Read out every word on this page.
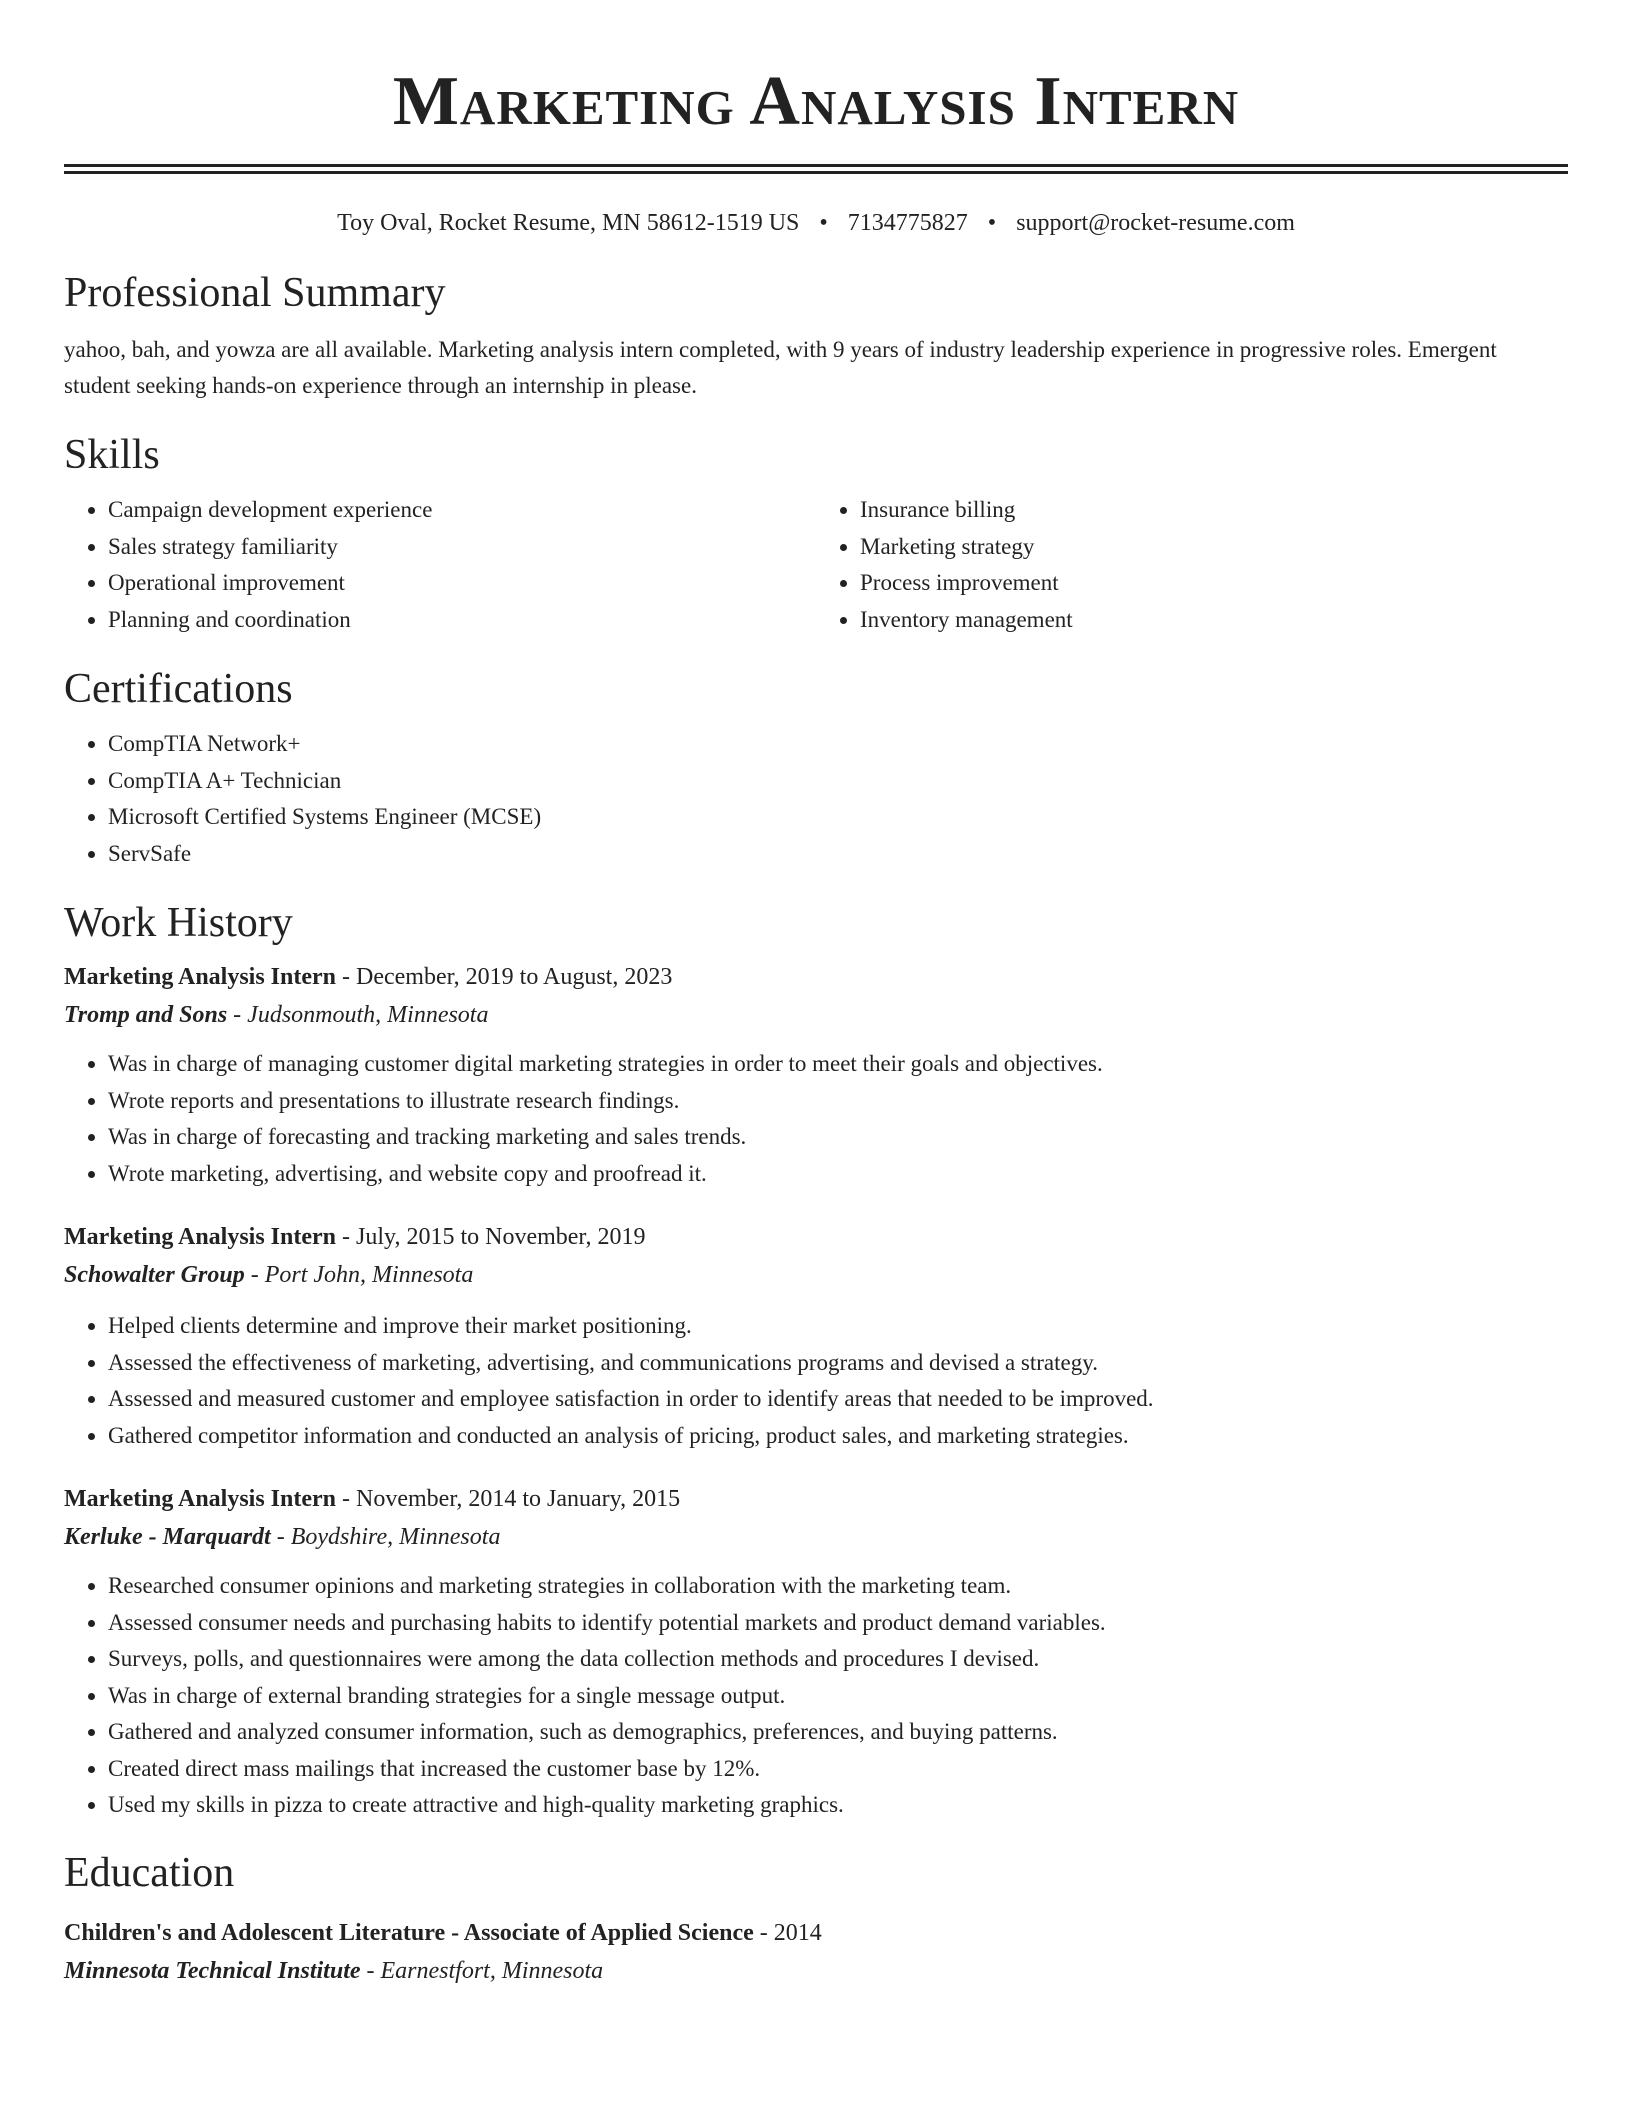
Marketing Analysis Intern
Toy Oval, Rocket Resume, MN 58612-1519 US • 7134775827 • support@rocket-resume.com
Professional Summary

yahoo, bah, and yowza are all available. Marketing analysis intern completed, with 9 years of industry leadership experience in progressive roles. Emergent student seeking hands-on experience through an internship in please.

Skills
• Campaign development experience
• Sales strategy familiarity
• Operational improvement
• Planning and coordination
• Insurance billing
• Marketing strategy
• Process improvement
• Inventory management
Certifications
• CompTIA Network+
• CompTIA A+ Technician
• Microsoft Certified Systems Engineer (MCSE)
• ServSafe
Work History
Marketing Analysis Intern - December, 2019 to August, 2023
Tromp and Sons - Judsonmouth, Minnesota
• Was in charge of managing customer digital marketing strategies in order to meet their goals and objectives.
• Wrote reports and presentations to illustrate research findings.
• Was in charge of forecasting and tracking marketing and sales trends.
• Wrote marketing, advertising, and website copy and proofread it.
Marketing Analysis Intern - July, 2015 to November, 2019
Schowalter Group - Port John, Minnesota
• Helped clients determine and improve their market positioning.
• Assessed the effectiveness of marketing, advertising, and communications programs and devised a strategy.
• Assessed and measured customer and employee satisfaction in order to identify areas that needed to be improved.
• Gathered competitor information and conducted an analysis of pricing, product sales, and marketing strategies.
Marketing Analysis Intern - November, 2014 to January, 2015
Kerluke - Marquardt - Boydshire, Minnesota
• Researched consumer opinions and marketing strategies in collaboration with the marketing team.
• Assessed consumer needs and purchasing habits to identify potential markets and product demand variables.
• Surveys, polls, and questionnaires were among the data collection methods and procedures I devised.
• Was in charge of external branding strategies for a single message output.
• Gathered and analyzed consumer information, such as demographics, preferences, and buying patterns.
• Created direct mass mailings that increased the customer base by 12%.
• Used my skills in pizza to create attractive and high-quality marketing graphics.
Education
Children's and Adolescent Literature - Associate of Applied Science - 2014
Minnesota Technical Institute - Earnestfort, Minnesota
